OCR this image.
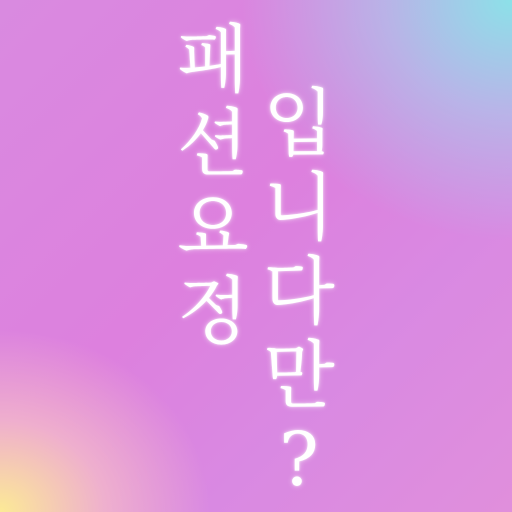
패
션
요
정
입
니
다
만
?
